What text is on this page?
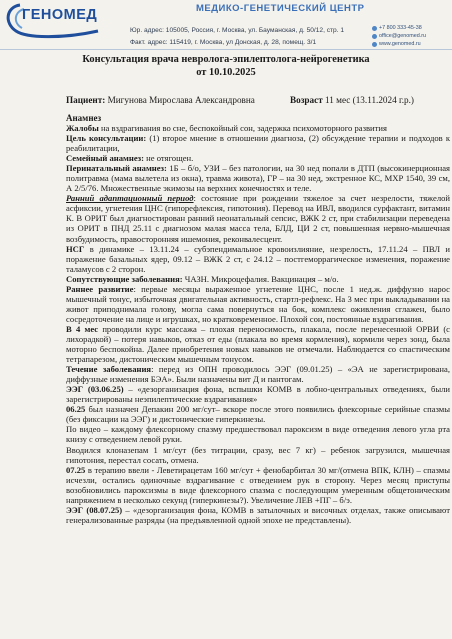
ГЕНОМЕД	МЕДИКО-ГЕНЕТИЧЕСКИЙ ЦЕНТР
Юр. адрес: 105005, Россия, г. Москва, ул. Бауманская, д. 50/12, стр. 1
Факт. адрес: 115419, г. Москва, ул Донская, д. 28, помещ. 3/1
+7 800 333-45-38
office@genomed.ru
www.genomed.ru
Консультация врача невролога-эпилептолога-нейрогенетика
от 10.10.2025
Пациент: Мигунова Мирослава Александровна	Возраст 11 мес (13.11.2024 г.р.)
Анамнез

Жалобы на вздрагивания во сне, беспокойный сон, задержка психомоторного развития

Цель консультации: (1) второе мнение в отношении диагноза, (2) обсуждение терапии и подходов к реабилитации,

Семейный анамнез: не отягощен.

Перинатальный анамнез: 1Б – б/о, УЗИ – без патологии, на 30 нед попали в ДТП (высокинерционная политравма (мама вылетела из окна), травма живота), ГР – на 30 нед, экстренное КС, МХР 1540, 39 см, А 2/5/76. Множественные экимозы на верхних конечностях и теле.

Ранний адаптационный период: состояние при рождении тяжелое за счет незрелости, тяжелой асфиксии, угнетения ЦНС (гипорефлексия, гипотония). Перевод на ИВЛ, вводился сурфактант, витамин К. В ОРИТ был диагностирован ранний неонатальный сепсис, ВЖК 2 ст, при стабилизации переведена из ОРИТ в ПНД 25.11 с диагнозом малая масса тела, БЛД, ЦИ 2 ст, повышенная нервно-мышечная возбудимость, правосторонняя ишемония, реконвалесцент.

НСГ в динамике – 13.11.24 – субэпендимальное кровоизлияние, незрелость, 17.11.24 – ПВЛ и поражение базальных ядер, 09.12 – ВЖК 2 ст, с 24.12 – постгеморрагическое изменения, поражение таламусов с 2 сторон.

Сопутствующие заболевания: ЧАЗН. Микроцефалия. Вакцинация – м/о.

Раннее развитие: первые месяцы выраженное угнетение ЦНС, после 1 нед.ж. диффузно нарос мышечный тонус, избыточная двигательная активность, стартл-рефлекс. На 3 мес при выкладывании на живот приподнимала голову, могла сама повернуться на бок, комплекс оживления сглажен, было сосредоточение на лице и игрушках, но кратковременное. Плохой сон, постоянные вздрагивания.

В 4 мес проводили курс массажа – плохая переносимость, плакала, после перенесенной ОРВИ (с лихорадкой) – потеря навыков, отказ от еды (плакала во время кормления), кормили через зонд, была моторно беспокойна. Далее приобретения новых навыков не отмечали. Наблюдается со спастическим тетрапарезом, дистоническим мышечным тонусом.

Течение заболевания: перед из ОПН проводилось ЭЭГ (09.01.25) – «ЭА не зарегистрирована, диффузные изменения БЭА». Были назначены вит Д и пантогам.

ЭЭГ (03.06.25) – «дезорганизация фона, вспышки КОМВ в лобно-центральных отведениях, были зарегистрированы неэпилептические вздрагивания»

06.25 был назначен Депакин 200 мг/сут– вскоре после этого появились флексорные серийные спазмы (без фиксации на ЭЭГ) и дистонические гиперкинезы.

По видео – каждому флексорному спазму предшествовал пароксизм в виде отведения левого угла рта книзу с отведением левой руки.

Вводился клоназепам 1 мг/сут (без титрации, сразу, вес 7 кг) – ребенок загрузился, мышечная гипотония, перестал сосать, отмена.

07.25 в терапию ввели - Леветирацетам 160 мг/сут + фенобарбитал 30 мг/(отмена ВПК, КЛН) – спазмы исчезли, остались одиночные вздрагивание с отведением рук в сторону. Через месяц приступы возобновились пароксизмы в виде флексорного спазма с последующим умеренным общетоническим напряжением в несколько секунд (гиперкинезы?). Увеличение ЛЕВ +ПГ – б/э.

ЭЭГ (08.07.25) – «дезорганизация фона, КОМВ в затылочных и височных отделах, также описывают генерализованные разряды (на предъявленной одной эпохе не представлены).
